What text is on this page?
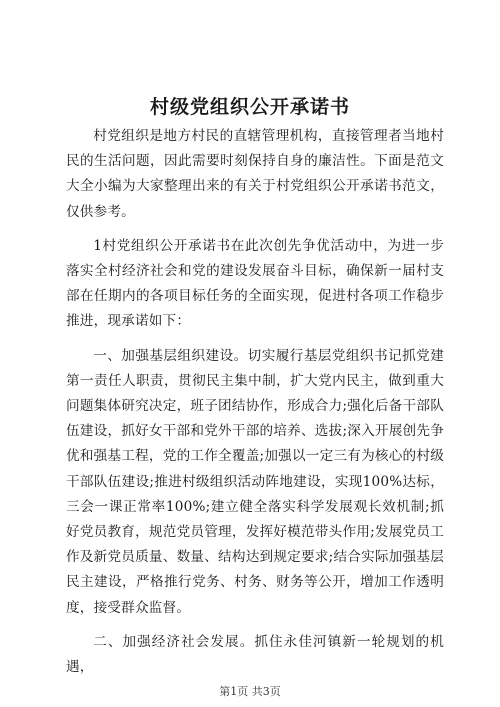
村级党组织公开承诺书

村党组织是地方村民的直辖管理机构，直接管理者当地村民的生活问题，因此需要时刻保持自身的廉洁性。下面是范文大全小编为大家整理出来的有关于村党组织公开承诺书范文，仅供参考。

1村党组织公开承诺书在此次创先争优活动中，为进一步落实全村经济社会和党的建设发展奋斗目标，确保新一届村支部在任期内的各项目标任务的全面实现，促进村各项工作稳步推进，现承诺如下：

一、加强基层组织建设。切实履行基层党组织书记抓党建第一责任人职责，贯彻民主集中制，扩大党内民主，做到重大问题集体研究决定，班子团结协作，形成合力;强化后备干部队伍建设，抓好女干部和党外干部的培养、选拔;深入开展创先争优和强基工程，党的工作全覆盖;加强以一定三有为核心的村级干部队伍建设;推进村级组织活动阵地建设，实现100%达标，三会一课正常率100%;建立健全落实科学发展观长效机制;抓好党员教育，规范党员管理，发挥好模范带头作用;发展党员工作及新党员质量、数量、结构达到规定要求;结合实际加强基层民主建设，严格推行党务、村务、财务等公开，增加工作透明度，接受群众监督。

二、加强经济社会发展。抓住永佳河镇新一轮规划的机遇，

第1页 共3页
